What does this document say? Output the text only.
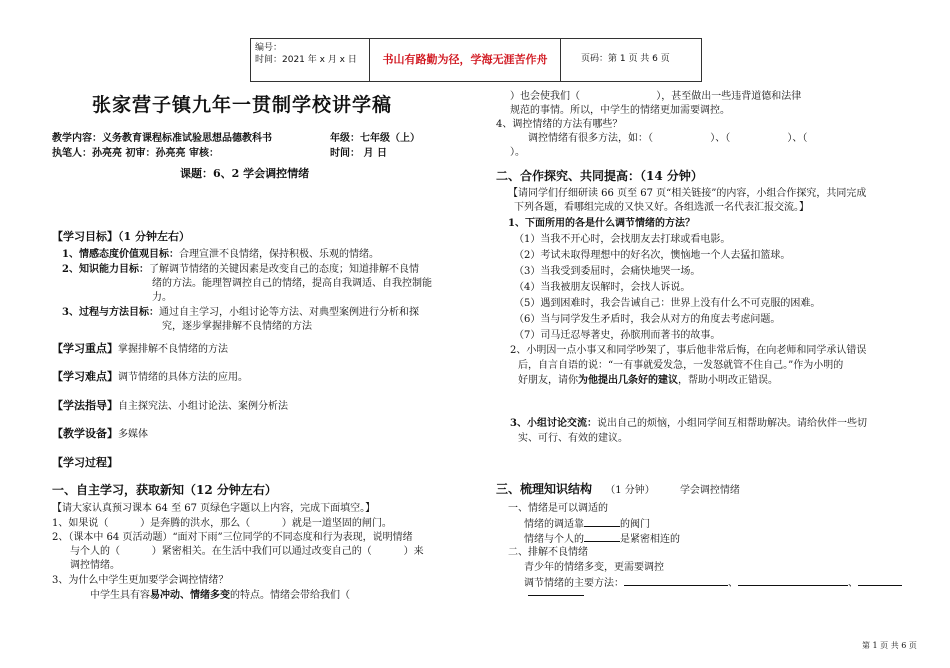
编号：
时间：2021 年 x 月 x 日	书山有路勤为径，学海无涯苦作舟	页码：第 1 页 共 6 页
张家营子镇九年一贯制学校讲学稿
教学内容：义务教育课程标准试验思想品德教科书	年级：七年级（上）
执笔人：孙亮亮 初审：孙亮亮 审核：	时间： 月 日
课题：6、2 学会调控情绪
【学习目标】（1 分钟左右）
1、情感态度价值观目标：合理宣泄不良情绪，保持积极、乐观的情绪。
2、知识能力目标：了解调节情绪的关键因素是改变自己的态度；知道排解不良情
绪的方法。能理智调控自己的情绪，提高自我调适、自我控制能
力。
3、过程与方法目标：通过自主学习，小组讨论等方法、对典型案例进行分析和探
究，逐步掌握排解不良情绪的方法
【学习重点】掌握排解不良情绪的方法
【学习难点】调节情绪的具体方法的应用。
【学法指导】自主探究法、小组讨论法、案例分析法
【教学设备】多媒体
【学习过程】
一、自主学习，获取新知（12 分钟左右）
【请大家认真预习课本 64 至 67 页绿色字题以上内容，完成下面填空。】
1、如果说（          ）是奔腾的洪水，那么（          ）就是一道坚固的闸门。
2、（课本中 64 页活动题）“面对下雨”三位同学的不同态度和行为表现，说明情绪
与个人的（          ）紧密相关。在生活中我们可以通过改变自己的（          ）来
调控情绪。
3、为什么中学生更加要学会调控情绪？
中学生具有容易冲动、情绪多变的特点。情绪会带给我们（
）也会使我们（                        ），甚至做出一些违背道德和法律
规范的事情。所以，中学生的情绪更加需要调控。
4、调控情绪的方法有哪些？
调控情绪有很多方法，如：（                  ）、（                  ）、（
）。
二、合作探究、共同提高：（14 分钟）
【请同学们仔细研读 66 页至 67 页“相关链接”的内容，小组合作探究，共同完成
下列各题，看哪组完成的又快又好。各组选派一名代表汇报交流。】
1、下面所用的各是什么调节情绪的方法？
（1）当我不开心时，会找朋友去打球或看电影。
（2）考试未取得理想中的好名次，懊恼地一个人去猛扣篮球。
（3）当我受到委屈时，会痛快地哭一场。
（4）当我被朋友误解时，会找人诉说。
（5）遇到困难时，我会告诫自己：世界上没有什么不可克服的困难。
（6）当与同学发生矛盾时，我会从对方的角度去考虑问题。
（7）司马迁忍辱著史，孙膑刑而著书的故事。
2、小明因一点小事又和同学吵架了，事后他非常后悔，在向老师和同学承认错误
后，自言自语的说：“一有事就爱发急，一发怒就管不住自己。”作为小明的
好朋友，请你为他提出几条好的建议，帮助小明改正错误。
3、小组讨论交流：说出自己的烦恼，小组同学间互相帮助解决。请给伙伴一些切
实、可行、有效的建议。
三、梳理知识结构 （1 分钟）	学会调控情绪
一、情绪是可以调适的
情绪的调适靠	的阀门
情绪与个人的	是紧密相连的
二、排解不良情绪
青少年的情绪多变，更需要调控
调节情绪的主要方法：	、	、
第 1 页 共 6 页
